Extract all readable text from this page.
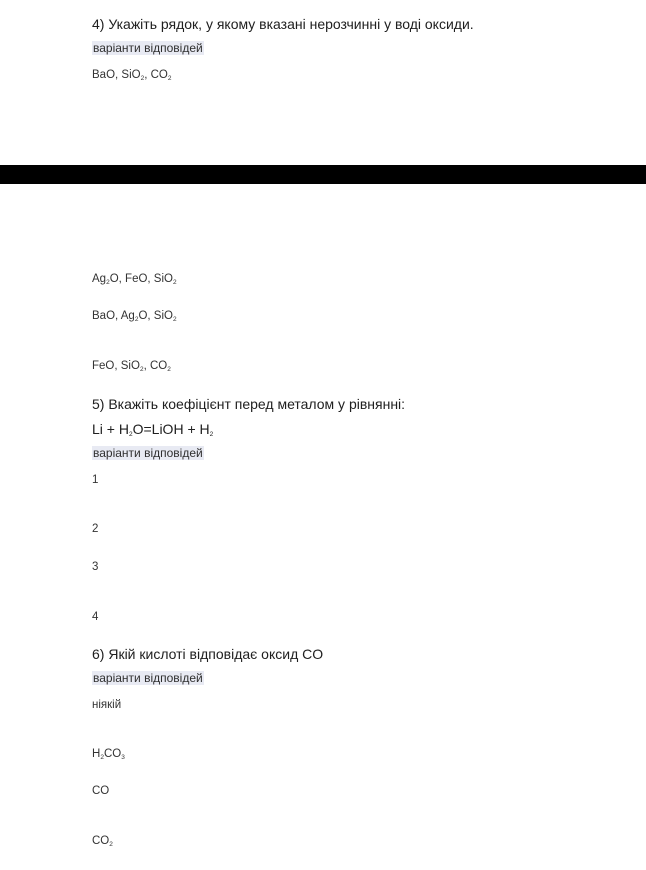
4) Укажіть рядок, у якому вказані нерозчинні у воді оксиди.
варіанти відповідей
BaO, SiO$_2$, $CO_2$
$Ag_2O$, FeO, SiO$_2$
BaO, $Ag_2O$, SiO$_2$
FeO, SiO$_2$, $CO_2$
5) Вкажіть коефіцієнт перед металом у рівнянні:
$Li + H_2O=LiOH + H_2$
варіанти відповідей
1
2
3
4
6) Якій кислоті відповідає оксид CO
варіанти відповідей
ніякій
$H_2CO_3$
CO
$CO_2$
